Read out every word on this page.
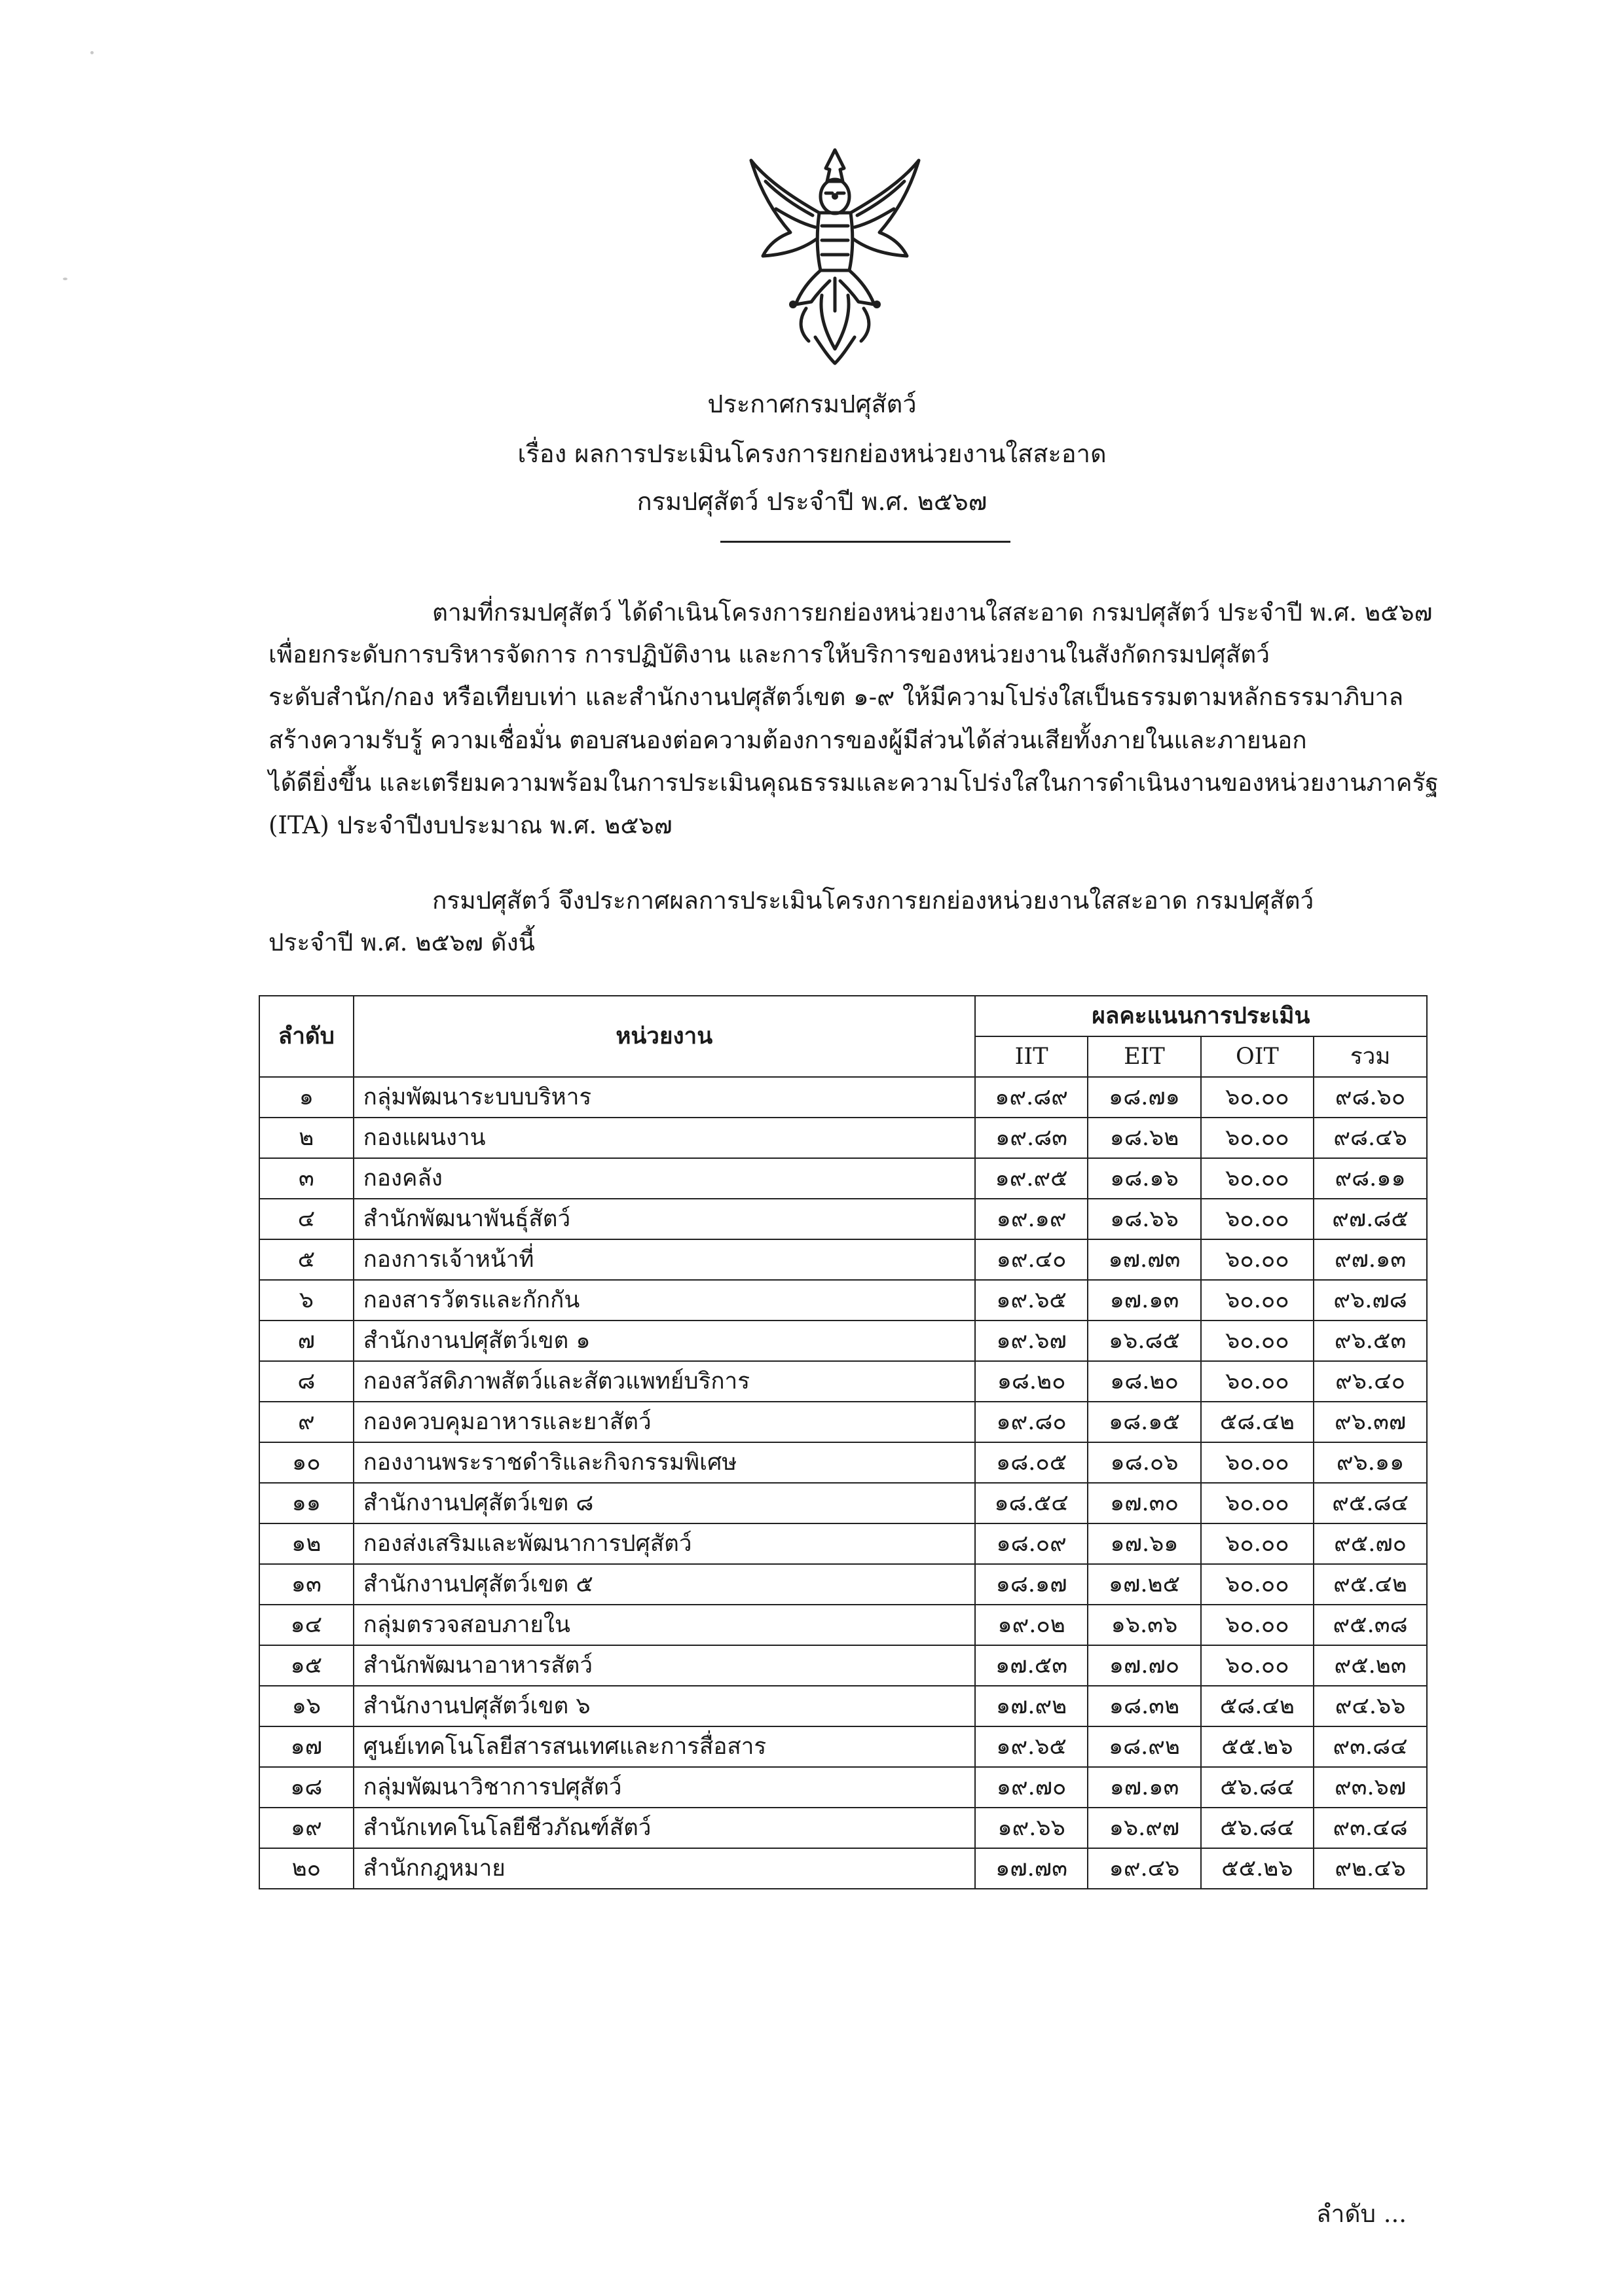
ประกาศกรมปศุสัตว์
เรื่อง ผลการประเมินโครงการยกย่องหน่วยงานใสสะอาด
กรมปศุสัตว์ ประจำปี พ.ศ. ๒๕๖๗
ตามที่กรมปศุสัตว์ ได้ดำเนินโครงการยกย่องหน่วยงานใสสะอาด กรมปศุสัตว์ ประจำปี พ.ศ. ๒๕๖๗
เพื่อยกระดับการบริหารจัดการ การปฏิบัติงาน และการให้บริการของหน่วยงานในสังกัดกรมปศุสัตว์
ระดับสำนัก/กอง หรือเทียบเท่า และสำนักงานปศุสัตว์เขต ๑-๙ ให้มีความโปร่งใสเป็นธรรมตามหลักธรรมาภิบาล
สร้างความรับรู้ ความเชื่อมั่น ตอบสนองต่อความต้องการของผู้มีส่วนได้ส่วนเสียทั้งภายในและภายนอก
ได้ดียิ่งขึ้น และเตรียมความพร้อมในการประเมินคุณธรรมและความโปร่งใสในการดำเนินงานของหน่วยงานภาครัฐ
(ITA) ประจำปีงบประมาณ พ.ศ. ๒๕๖๗
กรมปศุสัตว์ จึงประกาศผลการประเมินโครงการยกย่องหน่วยงานใสสะอาด กรมปศุสัตว์
ประจำปี พ.ศ. ๒๕๖๗ ดังนี้
ลำดับ	หน่วยงาน	ผลคะแนนการประเมิน			
		IIT	EIT	OIT	รวม
๑	กลุ่มพัฒนาระบบบริหาร	๑๙.๘๙	๑๘.๗๑	๖๐.๐๐	๙๘.๖๐
๒	กองแผนงาน	๑๙.๘๓	๑๘.๖๒	๖๐.๐๐	๙๘.๔๖
๓	กองคลัง	๑๙.๙๕	๑๘.๑๖	๖๐.๐๐	๙๘.๑๑
๔	สำนักพัฒนาพันธุ์สัตว์	๑๙.๑๙	๑๘.๖๖	๖๐.๐๐	๙๗.๘๕
๕	กองการเจ้าหน้าที่	๑๙.๔๐	๑๗.๗๓	๖๐.๐๐	๙๗.๑๓
๖	กองสารวัตรและกักกัน	๑๙.๖๕	๑๗.๑๓	๖๐.๐๐	๙๖.๗๘
๗	สำนักงานปศุสัตว์เขต ๑	๑๙.๖๗	๑๖.๘๕	๖๐.๐๐	๙๖.๕๓
๘	กองสวัสดิภาพสัตว์และสัตวแพทย์บริการ	๑๘.๒๐	๑๘.๒๐	๖๐.๐๐	๙๖.๔๐
๙	กองควบคุมอาหารและยาสัตว์	๑๙.๘๐	๑๘.๑๕	๕๘.๔๒	๙๖.๓๗
๑๐	กองงานพระราชดำริและกิจกรรมพิเศษ	๑๘.๐๕	๑๘.๐๖	๖๐.๐๐	๙๖.๑๑
๑๑	สำนักงานปศุสัตว์เขต ๘	๑๘.๕๔	๑๗.๓๐	๖๐.๐๐	๙๕.๘๔
๑๒	กองส่งเสริมและพัฒนาการปศุสัตว์	๑๘.๐๙	๑๗.๖๑	๖๐.๐๐	๙๕.๗๐
๑๓	สำนักงานปศุสัตว์เขต ๕	๑๘.๑๗	๑๗.๒๕	๖๐.๐๐	๙๕.๔๒
๑๔	กลุ่มตรวจสอบภายใน	๑๙.๐๒	๑๖.๓๖	๖๐.๐๐	๙๕.๓๘
๑๕	สำนักพัฒนาอาหารสัตว์	๑๗.๕๓	๑๗.๗๐	๖๐.๐๐	๙๕.๒๓
๑๖	สำนักงานปศุสัตว์เขต ๖	๑๗.๙๒	๑๘.๓๒	๕๘.๔๒	๙๔.๖๖
๑๗	ศูนย์เทคโนโลยีสารสนเทศและการสื่อสาร	๑๙.๖๕	๑๘.๙๒	๕๕.๒๖	๙๓.๘๔
๑๘	กลุ่มพัฒนาวิชาการปศุสัตว์	๑๙.๗๐	๑๗.๑๓	๕๖.๘๔	๙๓.๖๗
๑๙	สำนักเทคโนโลยีชีวภัณฑ์สัตว์	๑๙.๖๖	๑๖.๙๗	๕๖.๘๔	๙๓.๔๘
๒๐	สำนักกฎหมาย	๑๗.๗๓	๑๙.๔๖	๕๕.๒๖	๙๒.๔๖
ลำดับ ...
